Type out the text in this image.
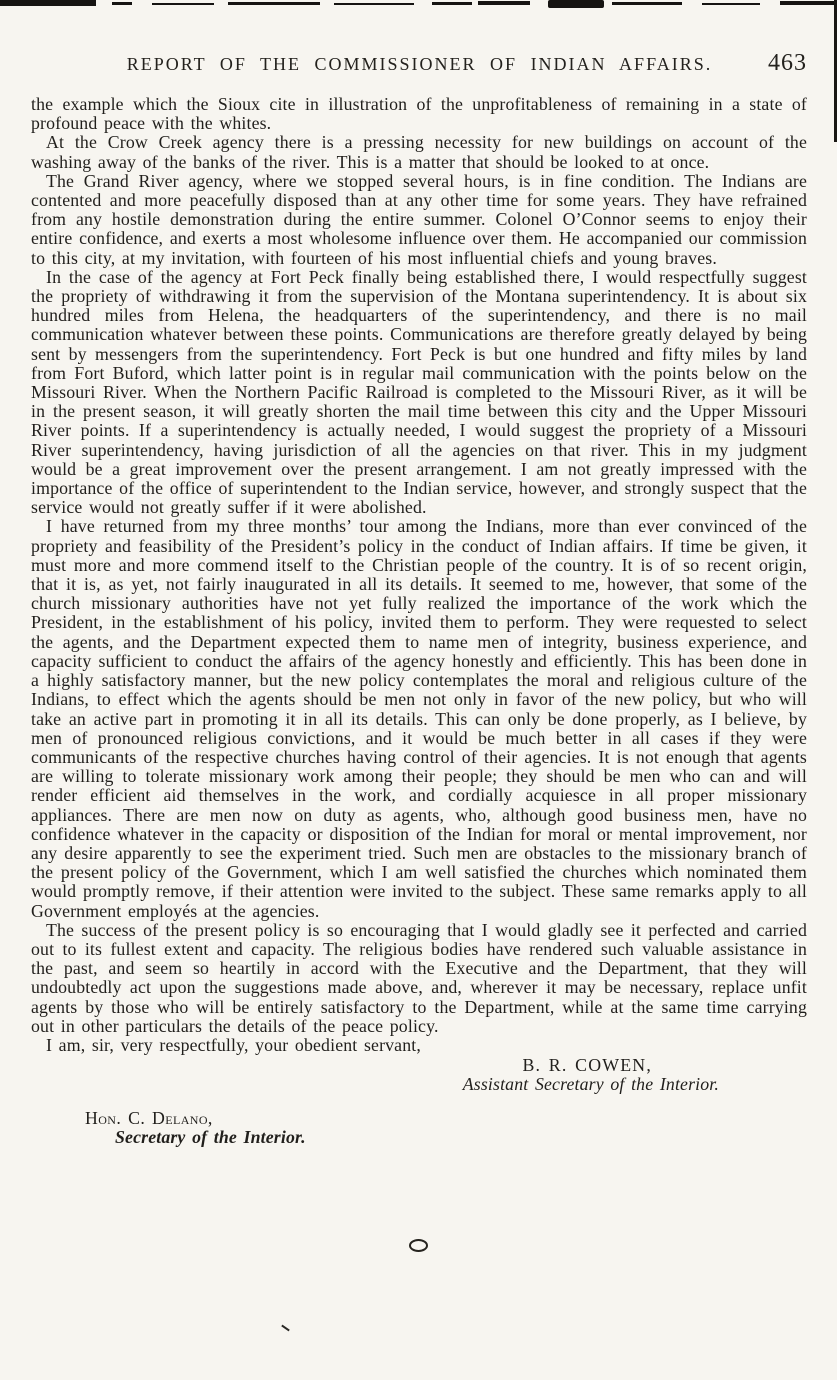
REPORT OF THE COMMISSIONER OF INDIAN AFFAIRS. 463

the example which the Sioux cite in illustration of the unprofitableness of remaining in a state of profound peace with the whites.

At the Crow Creek agency there is a pressing necessity for new buildings on account of the washing away of the banks of the river. This is a matter that should be looked to at once.

The Grand River agency, where we stopped several hours, is in fine condition. The Indians are contented and more peacefully disposed than at any other time for some years. They have refrained from any hostile demonstration during the entire summer. Colonel O’Connor seems to enjoy their entire confidence, and exerts a most wholesome influence over them. He accompanied our commission to this city, at my invitation, with fourteen of his most influential chiefs and young braves.

In the case of the agency at Fort Peck finally being established there, I would respectfully suggest the propriety of withdrawing it from the supervision of the Montana superintendency. It is about six hundred miles from Helena, the headquarters of the superintendency, and there is no mail communication whatever between these points. Communications are therefore greatly delayed by being sent by messengers from the superintendency. Fort Peck is but one hundred and fifty miles by land from Fort Buford, which latter point is in regular mail communication with the points below on the Missouri River. When the Northern Pacific Railroad is completed to the Missouri River, as it will be in the present season, it will greatly shorten the mail time between this city and the Upper Missouri River points. If a superintendency is actually needed, I would suggest the propriety of a Missouri River superintendency, having jurisdiction of all the agencies on that river. This in my judgment would be a great improvement over the present arrangement. I am not greatly impressed with the importance of the office of superintendent to the Indian service, however, and strongly suspect that the service would not greatly suffer if it were abolished.

I have returned from my three months’ tour among the Indians, more than ever convinced of the propriety and feasibility of the President’s policy in the conduct of Indian affairs. If time be given, it must more and more commend itself to the Christian people of the country. It is of so recent origin, that it is, as yet, not fairly inaugurated in all its details. It seemed to me, however, that some of the church missionary authorities have not yet fully realized the importance of the work which the President, in the establishment of his policy, invited them to perform. They were requested to select the agents, and the Department expected them to name men of integrity, business experience, and capacity sufficient to conduct the affairs of the agency honestly and efficiently. This has been done in a highly satisfactory manner, but the new policy contemplates the moral and religious culture of the Indians, to effect which the agents should be men not only in favor of the new policy, but who will take an active part in promoting it in all its details. This can only be done properly, as I believe, by men of pronounced religious convictions, and it would be much better in all cases if they were communicants of the respective churches having control of their agencies. It is not enough that agents are willing to tolerate missionary work among their people; they should be men who can and will render efficient aid themselves in the work, and cordially acquiesce in all proper missionary appliances. There are men now on duty as agents, who, although good business men, have no confidence whatever in the capacity or disposition of the Indian for moral or mental improvement, nor any desire apparently to see the experiment tried. Such men are obstacles to the missionary branch of the present policy of the Government, which I am well satisfied the churches which nominated them would promptly remove, if their attention were invited to the subject. These same remarks apply to all Government employés at the agencies.

The success of the present policy is so encouraging that I would gladly see it perfected and carried out to its fullest extent and capacity. The religious bodies have rendered such valuable assistance in the past, and seem so heartily in accord with the Executive and the Department, that they will undoubtedly act upon the suggestions made above, and, wherever it may be necessary, replace unfit agents by those who will be entirely satisfactory to the Department, while at the same time carrying out in other particulars the details of the peace policy.

I am, sir, very respectfully, your obedient servant,

B. R. COWEN,
Assistant Secretary of the Interior.
Hon. C. Delano,
Secretary of the Interior.
